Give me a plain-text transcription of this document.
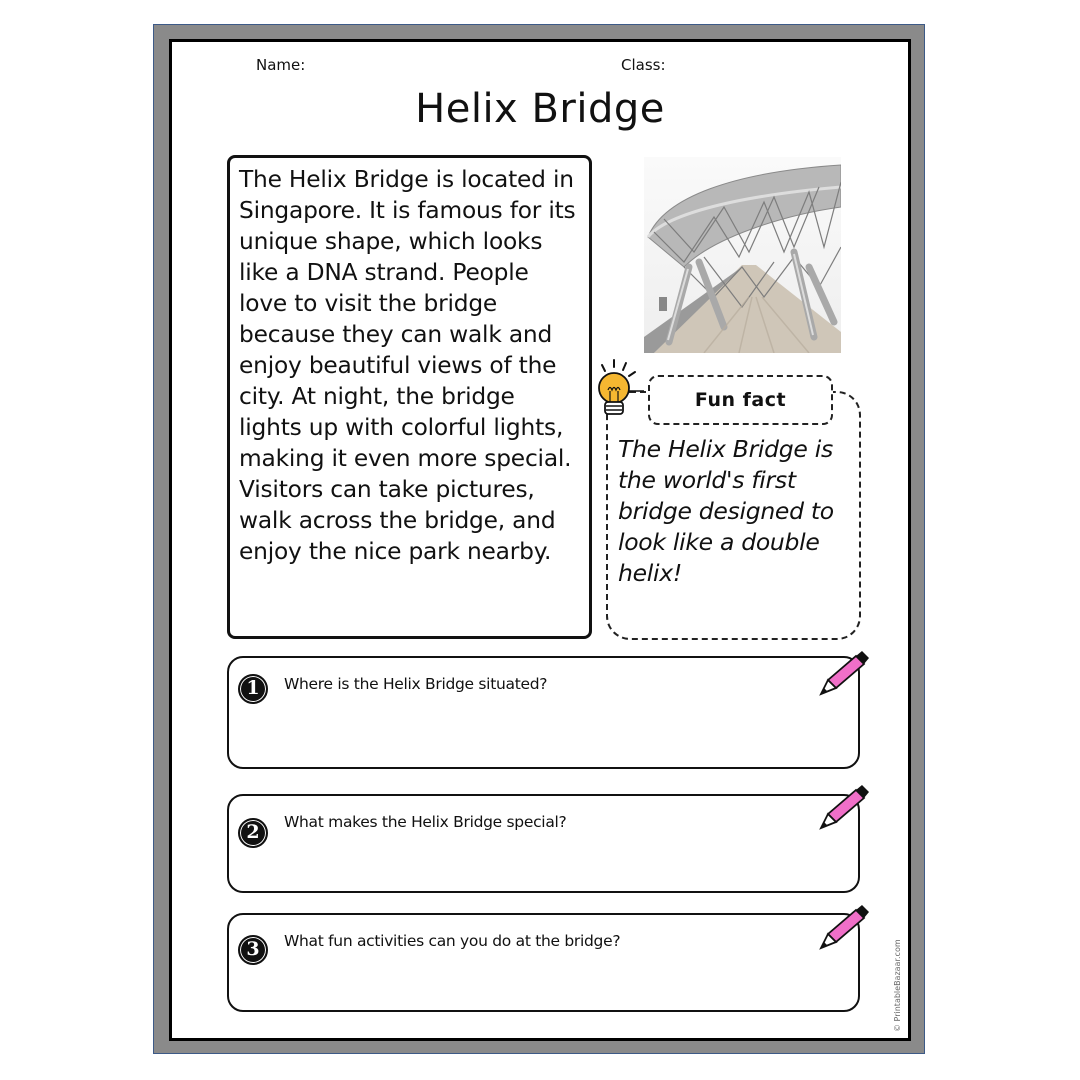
Name:	Class:
Helix Bridge

The Helix Bridge is located in Singapore. It is famous for its unique shape, which looks like a DNA strand. People love to visit the bridge because they can walk and enjoy beautiful views of the city. At night, the bridge lights up with colorful lights, making it even more special. Visitors can take pictures, walk across the bridge, and enjoy the nice park nearby.

Fun fact

The Helix Bridge is the world's first bridge designed to look like a double helix!

1 Where is the Helix Bridge situated?
2 What makes the Helix Bridge special?
3 What fun activities can you do at the bridge?	© PrintableBazaar.com
